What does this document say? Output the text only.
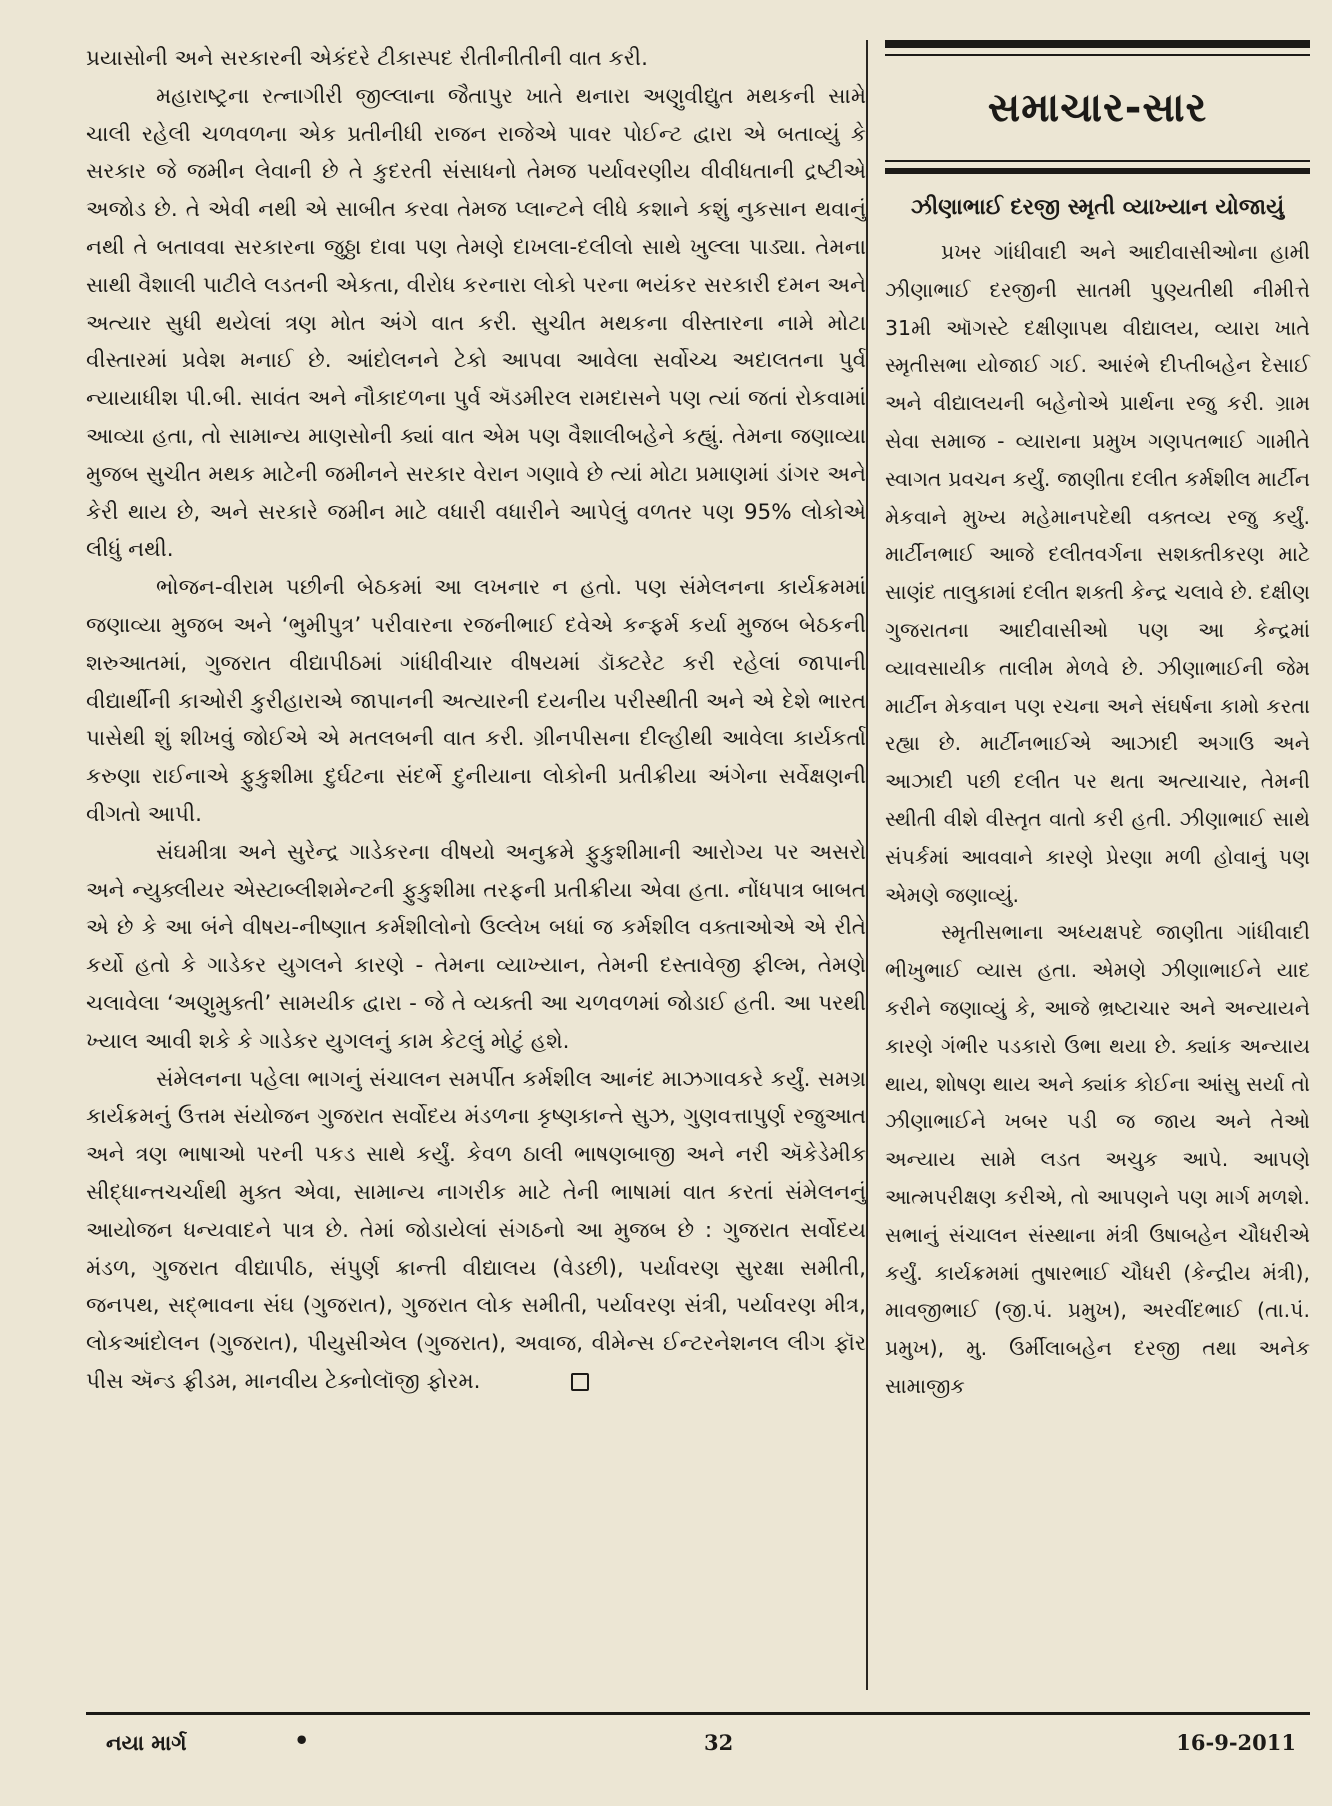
પ્રયાસોની અને સરકારની એકંદરે ટીકાસ્પદ રીતીનીતીની વાત કરી.

મહારાષ્ટ્રના રત્નાગીરી જીલ્લાના જૈતાપુર ખાતે થનારા અણુવીદ્યુત મથકની સામે ચાલી રહેલી ચળવળના એક પ્રતીનીધી રાજન રાજેએ પાવર પોઈન્ટ દ્વારા એ બતાવ્યું કે સરકાર જે જમીન લેવાની છે તે કુદરતી સંસાધનો તેમજ પર્યાવરણીય વીવીધતાની દ્રષ્ટીએ અજોડ છે. તે એવી નથી એ સાબીત કરવા તેમજ પ્લાન્ટને લીધે કશાને કશું નુકસાન થવાનું નથી તે બતાવવા સરકારના જુઠ્ઠા દાવા પણ તેમણે દાખલા-દલીલો સાથે ખુલ્લા પાડ્યા. તેમના સાથી વૈશાલી પાટીલે લડતની એકતા, વીરોધ કરનારા લોકો પરના ભયંકર સરકારી દમન અને અત્યાર સુધી થયેલાં ત્રણ મોત અંગે વાત કરી. સુચીત મથકના વીસ્તારના નામે મોટા વીસ્તારમાં પ્રવેશ મનાઈ છે. આંદોલનને ટેકો આપવા આવેલા સર્વોચ્ચ અદાલતના પુર્વ ન્યાયાધીશ પી.બી. સાવંત અને નૌકાદળના પુર્વ ઍડમીરલ રામદાસને પણ ત્યાં જતાં રોકવામાં આવ્યા હતા, તો સામાન્ય માણસોની ક્યાં વાત એમ પણ વૈશાલીબહેને કહ્યું. તેમના જણાવ્યા મુજબ સુચીત મથક માટેની જમીનને સરકાર વેરાન ગણાવે છે ત્યાં મોટા પ્રમાણમાં ડાંગર અને કેરી થાય છે, અને સરકારે જમીન માટે વધારી વધારીને આપેલું વળતર પણ 95% લોકોએ લીધું નથી.

ભોજન-વીરામ પછીની બેઠકમાં આ લખનાર ન હતો. પણ સંમેલનના કાર્યક્રમમાં જણાવ્યા મુજબ અને ‘ભુમીપુત્ર’ પરીવારના રજનીભાઈ દવેએ કન્ફર્મ કર્યા મુજબ બેઠકની શરુઆતમાં, ગુજરાત વીદ્યાપીઠમાં ગાંધીવીચાર વીષયમાં ડૉક્ટરેટ કરી રહેલાં જાપાની વીદ્યાર્થીની કાઓરી કુરીહારાએ જાપાનની અત્યારની દયનીય પરીસ્થીતી અને એ દેશે ભારત પાસેથી શું શીખવું જોઈએ એ મતલબની વાત કરી. ગ્રીનપીસના દીલ્હીથી આવેલા કાર્યકર્તા કરુણા રાઈનાએ ફુકુશીમા દુર્ઘટના સંદર્ભે દુનીયાના લોકોની પ્રતીક્રીયા અંગેના સર્વેક્ષણની વીગતો આપી.

સંઘમીત્રા અને સુરેન્દ્ર ગાડેકરના વીષયો અનુક્રમે ફુકુશીમાની આરોગ્ય પર અસરો અને ન્યુક્લીયર એસ્ટાબ્લીશમેન્ટની ફુકુશીમા તરફની પ્રતીક્રીયા એવા હતા. નોંધપાત્ર બાબત એ છે કે આ બંને વીષય-નીષ્ણાત કર્મશીલોનો ઉલ્લેખ બધાં જ કર્મશીલ વક્તાઓએ એ રીતે કર્યો હતો કે ગાડેકર યુગલને કારણે - તેમના વ્યાખ્યાન, તેમની દસ્તાવેજી ફીલ્મ, તેમણે ચલાવેલા ‘અણુમુક્તી’ સામયીક દ્વારા - જે તે વ્યક્તી આ ચળવળમાં જોડાઈ હતી. આ પરથી ખ્યાલ આવી શકે કે ગાડેકર યુગલનું કામ કેટલું મોટું હશે.

સંમેલનના પહેલા ભાગનું સંચાલન સમર્પીત કર્મશીલ આનંદ માઝગાવકરે કર્યું. સમગ્ર કાર્યક્રમનું ઉત્તમ સંયોજન ગુજરાત સર્વોદય મંડળના કૃષ્ણકાન્તે સુઝ, ગુણવત્તાપુર્ણ રજુઆત અને ત્રણ ભાષાઓ પરની પકડ સાથે કર્યું. કેવળ ઠાલી ભાષણબાજી અને નરી ઍકેડેમીક સીદ્ધાન્તચર્ચાથી મુક્ત એવા, સામાન્ય નાગરીક માટે તેની ભાષામાં વાત કરતાં સંમેલનનું આયોજન ધન્યવાદને પાત્ર છે. તેમાં જોડાયેલાં સંગઠનો આ મુજબ છે : ગુજરાત સર્વોદય મંડળ, ગુજરાત વીદ્યાપીઠ, સંપુર્ણ ક્રાન્તી વીદ્યાલય (વેડછી), પર્યાવરણ સુરક્ષા સમીતી, જનપથ, સદ્ભાવના સંઘ (ગુજરાત), ગુજરાત લોક સમીતી, પર્યાવરણ સંત્રી, પર્યાવરણ મીત્ર, લોકઆંદોલન (ગુજરાત), પીયુસીએલ (ગુજરાત), અવાજ, વીમેન્સ ઈન્ટરનેશનલ લીગ ફૉર પીસ ઍન્ડ ફ્રીડમ, માનવીય ટેક્નોલૉજી ફોરમ.

સમાચાર-સાર
ઝીણાભાઈ દરજી સ્મૃતી વ્યાખ્યાન યોજાયું

પ્રખર ગાંધીવાદી અને આદીવાસીઓના હામી ઝીણાભાઈ દરજીની સાતમી પુણ્યતીથી નીમીત્તે 31મી ઑગસ્ટે દક્ષીણાપથ વીદ્યાલય, વ્યારા ખાતે સ્મૃતીસભા યોજાઈ ગઈ. આરંભે દીપ્તીબહેન દેસાઈ અને વીદ્યાલયની બહેનોએ પ્રાર્થના રજુ કરી. ગ્રામ સેવા સમાજ - વ્યારાના પ્રમુખ ગણપતભાઈ ગામીતે સ્વાગત પ્રવચન કર્યું. જાણીતા દલીત કર્મશીલ માર્ટીન મેકવાને મુખ્ય મહેમાનપદેથી વક્તવ્ય રજુ કર્યું. માર્ટીનભાઈ આજે દલીતવર્ગના સશક્તીકરણ માટે સાણંદ તાલુકામાં દલીત શક્તી કેન્દ્ર ચલાવે છે. દક્ષીણ ગુજરાતના આદીવાસીઓ પણ આ કેન્દ્રમાં વ્યાવસાયીક તાલીમ મેળવે છે. ઝીણાભાઈની જેમ માર્ટીન મેકવાન પણ રચના અને સંઘર્ષના કામો કરતા રહ્યા છે. માર્ટીનભાઈએ આઝાદી અગાઉ અને આઝાદી પછી દલીત પર થતા અત્યાચાર, તેમની સ્થીતી વીશે વીસ્તૃત વાતો કરી હતી. ઝીણાભાઈ સાથે સંપર્કમાં આવવાને કારણે પ્રેરણા મળી હોવાનું પણ એમણે જણાવ્યું.

સ્મૃતીસભાના અધ્યક્ષપદે જાણીતા ગાંધીવાદી ભીખુભાઈ વ્યાસ હતા. એમણે ઝીણાભાઈને યાદ કરીને જણાવ્યું કે, આજે ભ્રષ્ટાચાર અને અન્યાયને કારણે ગંભીર પડકારો ઉભા થયા છે. ક્યાંક અન્યાય થાય, શોષણ થાય અને ક્યાંક કોઈના આંસુ સર્યા તો ઝીણાભાઈને ખબર પડી જ જાય અને તેઓ અન્યાય સામે લડત અચુક આપે. આપણે આત્મપરીક્ષણ કરીએ, તો આપણને પણ માર્ગ મળશે. સભાનું સંચાલન સંસ્થાના મંત્રી ઉષાબહેન ચૌધરીએ કર્યું. કાર્યક્રમમાં તુષારભાઈ ચૌધરી (કેન્દ્રીય મંત્રી), માવજીભાઈ (જી.પં. પ્રમુખ), અરવીંદભાઈ (તા.પં. પ્રમુખ), મુ. ઉર્મીલાબહેન દરજી તથા અનેક સામાજીક

નયા માર્ગ	•	32	16-9-2011
